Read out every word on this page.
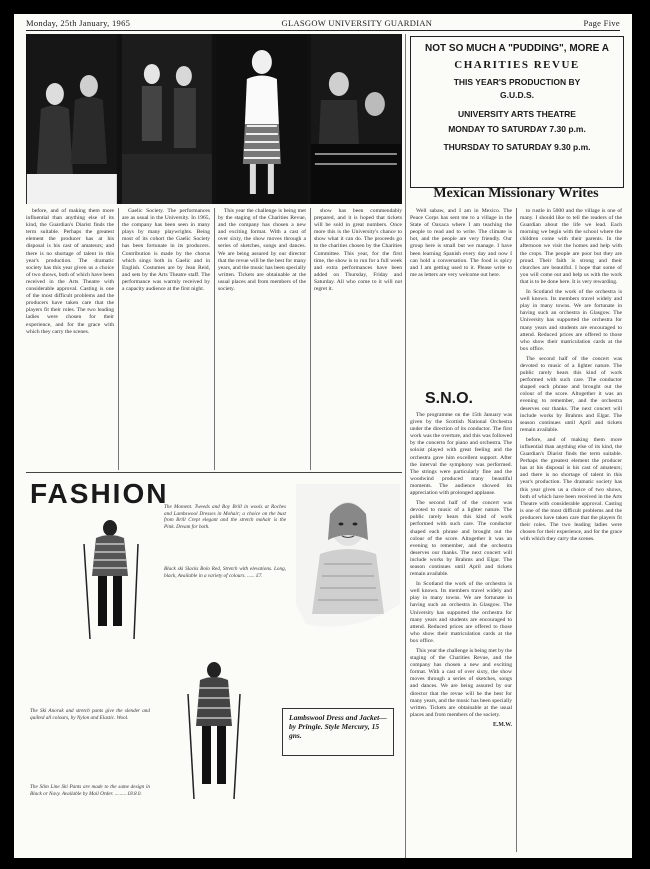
Monday, 25th January, 1965	GLASGOW UNIVERSITY GUARDIAN	Page Five

before, and of making them more influential than anything else of its kind, the Guardian's Diarist finds the term suitable. Perhaps the greatest element the producer has at his disposal is his cast of amateurs; and there is no shortage of talent in this year's production. The dramatic society has this year given us a choice of two shows, both of which have been received in the Arts Theatre with considerable approval. Casting is one of the most difficult problems and the producers have taken care that the players fit their roles. The two leading ladies were chosen for their experience, and for the grace with which they carry the scenes.

Gaelic Society. The performances are as usual in the University. In 1965, the company has been seen in many plays by many playwrights. Being most of its cohort the Gaelic Society has been fortunate in its producers. Contribution is made by the chorus which sings both in Gaelic and in English. Costumes are by Jean Reid, and sets by the Arts Theatre staff. The performance was warmly received by a capacity audience at the first night.

This year the challenge is being met by the staging of the Charities Revue, and the company has chosen a new and exciting format. With a cast of over sixty, the show moves through a series of sketches, songs and dances. We are being assured by our director that the revue will be the best for many years, and the music has been specially written. Tickets are obtainable at the usual places and from members of the society.

show has been commendably prepared, and it is hoped that tickets will be sold in great numbers. Once more this is the University's chance to show what it can do. The proceeds go to the charities chosen by the Charities Committee. This year, for the first time, the show is to run for a full week and extra performances have been added on Thursday, Friday and Saturday. All who come to it will not regret it.

NOT SO MUCH A "PUDDING", MORE A
CHARITIES REVUE
THIS YEAR'S PRODUCTION BY
G.U.D.S.
UNIVERSITY ARTS THEATRE
MONDAY TO SATURDAY 7.30 p.m.
THURSDAY TO SATURDAY 9.30 p.m.
Mexican Missionary Writes

Well sabaw, and I am in Mexico. The Peace Corps has sent me to a village in the State of Oaxaca where I am teaching the people to read and to write. The climate is hot, and the people are very friendly. Our group here is small but we manage. I have been learning Spanish every day and now I can hold a conversation. The food is spicy and I am getting used to it. Please write to me as letters are very welcome out here.

to rustle in 5000 and the village is one of many. I should like to tell the readers of the Guardian about the life we lead. Each morning we begin with the school where the children come with their parents. In the afternoon we visit the homes and help with the crops. The people are poor but they are proud. Their faith is strong and their churches are beautiful. I hope that some of you will come out and help us with the work that is to be done here. It is very rewarding.

In Scotland the work of the orchestra is well known. Its members travel widely and play in many towns. We are fortunate in having such an orchestra in Glasgow. The University has supported the orchestra for many years and students are encouraged to attend. Reduced prices are offered to those who show their matriculation cards at the box office.

The second half of the concert was devoted to music of a lighter nature. The public rarely hears this kind of work performed with such care. The conductor shaped each phrase and brought out the colour of the score. Altogether it was an evening to remember, and the orchestra deserves our thanks. The next concert will include works by Brahms and Elgar. The season continues until April and tickets remain available.

before, and of making them more influential than anything else of its kind, the Guardian's Diarist finds the term suitable. Perhaps the greatest element the producer has at his disposal is his cast of amateurs; and there is no shortage of talent in this year's production. The dramatic society has this year given us a choice of two shows, both of which have been received in the Arts Theatre with considerable approval. Casting is one of the most difficult problems and the producers have taken care that the players fit their roles. The two leading ladies were chosen for their experience, and for the grace with which they carry the scenes.

S.N.O.

The programme on the 15th January was given by the Scottish National Orchestra under the direction of its conductor. The first work was the overture, and this was followed by the concerto for piano and orchestra. The soloist played with great feeling and the orchestra gave him excellent support. After the interval the symphony was performed. The strings were particularly fine and the woodwind produced many beautiful moments. The audience showed its appreciation with prolonged applause.

The second half of the concert was devoted to music of a lighter nature. The public rarely hears this kind of work performed with such care. The conductor shaped each phrase and brought out the colour of the score. Altogether it was an evening to remember, and the orchestra deserves our thanks. The next concert will include works by Brahms and Elgar. The season continues until April and tickets remain available.

In Scotland the work of the orchestra is well known. Its members travel widely and play in many towns. We are fortunate in having such an orchestra in Glasgow. The University has supported the orchestra for many years and students are encouraged to attend. Reduced prices are offered to those who show their matriculation cards at the box office.

This year the challenge is being met by the staging of the Charities Revue, and the company has chosen a new and exciting format. With a cast of over sixty, the show moves through a series of sketches, songs and dances. We are being assured by our director that the revue will be the best for many years, and the music has been specially written. Tickets are obtainable at the usual places and from members of the society.

E.M.W.
FASHION
The Moment. Tweeds and Boy Brill in wools at Roches and Lambswool Dresses in Mohair; a choice on the bust from Brill Crept elegant and the stretch mohair is the Pink. Dream for both.
Black ski Slacks Bolo Red, Stretch with elevations. Long, black, Available in a variety of colours. ...... £7.
Lambswool Dress and Jacket—by Pringle. Style Mercury, 15 gns.
The Ski Anorak and stretch pants give the slender and quilted all colours, by Nylon and Elastic. Wool.
The Slim Line Ski Pants are made to the same design in Black or Navy. Available by Mail Order. ......... £8.8.0.
